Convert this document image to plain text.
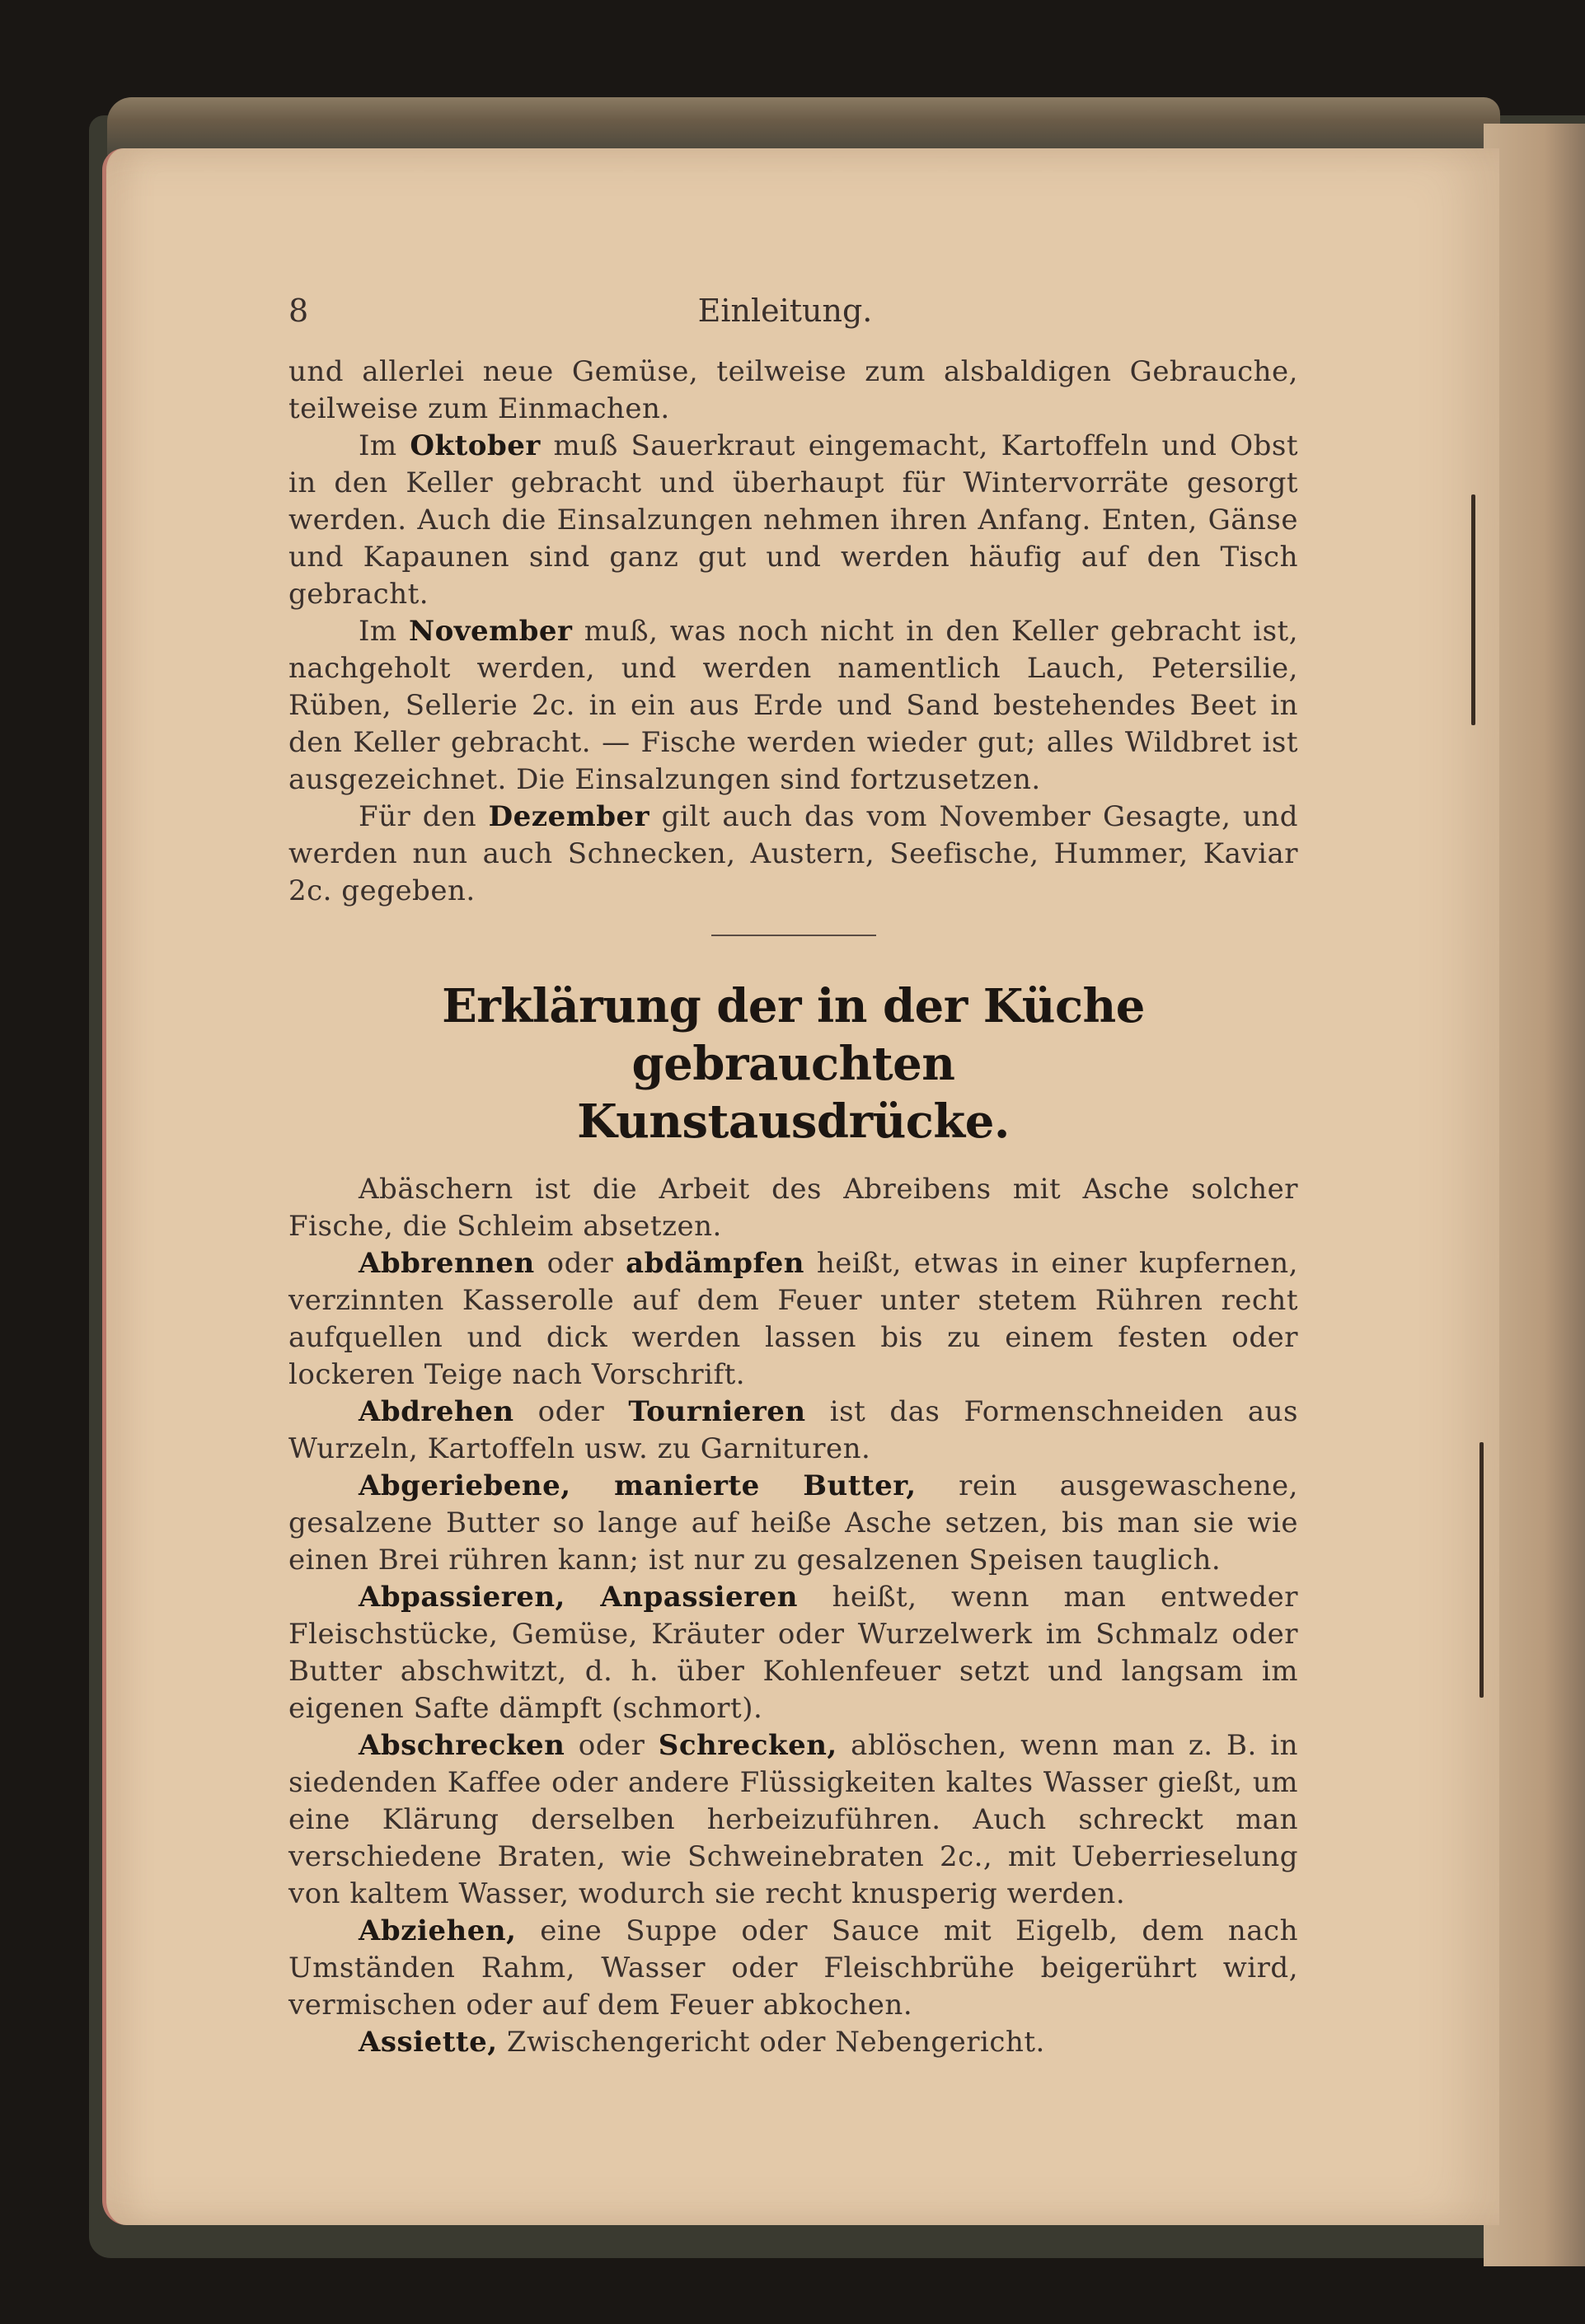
8	Einleitung.

und allerlei neue Gemüse, teilweise zum alsbaldigen Gebrauche, teilweise zum Einmachen.

Im Oktober muß Sauerkraut eingemacht, Kartoffeln und Obst in den Keller gebracht und überhaupt für Wintervorräte gesorgt werden. Auch die Einsalzungen nehmen ihren Anfang. Enten, Gänse und Kapaunen sind ganz gut und werden häufig auf den Tisch gebracht.

Im November muß, was noch nicht in den Keller gebracht ist, nachgeholt werden, und werden namentlich Lauch, Petersilie, Rüben, Sellerie 2c. in ein aus Erde und Sand bestehendes Beet in den Keller gebracht. — Fische werden wieder gut; alles Wildbret ist ausgezeichnet. Die Einsalzungen sind fortzusetzen.

Für den Dezember gilt auch das vom November Gesagte, und werden nun auch Schnecken, Austern, Seefische, Hummer, Kaviar 2c. gegeben.

Erklärung der in der Küche gebrauchten
Kunstausdrücke.

Abäschern ist die Arbeit des Abreibens mit Asche solcher Fische, die Schleim absetzen.

Abbrennen oder abdämpfen heißt, etwas in einer kupfernen, verzinnten Kasserolle auf dem Feuer unter stetem Rühren recht aufquellen und dick werden lassen bis zu einem festen oder lockeren Teige nach Vorschrift.

Abdrehen oder Tournieren ist das Formenschneiden aus Wurzeln, Kartoffeln usw. zu Garnituren.

Abgeriebene, manierte Butter, rein ausgewaschene, gesalzene Butter so lange auf heiße Asche setzen, bis man sie wie einen Brei rühren kann; ist nur zu gesalzenen Speisen tauglich.

Abpassieren, Anpassieren heißt, wenn man entweder Fleischstücke, Gemüse, Kräuter oder Wurzelwerk im Schmalz oder Butter abschwitzt, d. h. über Kohlenfeuer setzt und langsam im eigenen Safte dämpft (schmort).

Abschrecken oder Schrecken, ablöschen, wenn man z. B. in siedenden Kaffee oder andere Flüssigkeiten kaltes Wasser gießt, um eine Klärung derselben herbeizuführen. Auch schreckt man verschiedene Braten, wie Schweinebraten 2c., mit Ueberrieselung von kaltem Wasser, wodurch sie recht knusperig werden.

Abziehen, eine Suppe oder Sauce mit Eigelb, dem nach Umständen Rahm, Wasser oder Fleischbrühe beigerührt wird, vermischen oder auf dem Feuer abkochen.

Assiette, Zwischengericht oder Nebengericht.
